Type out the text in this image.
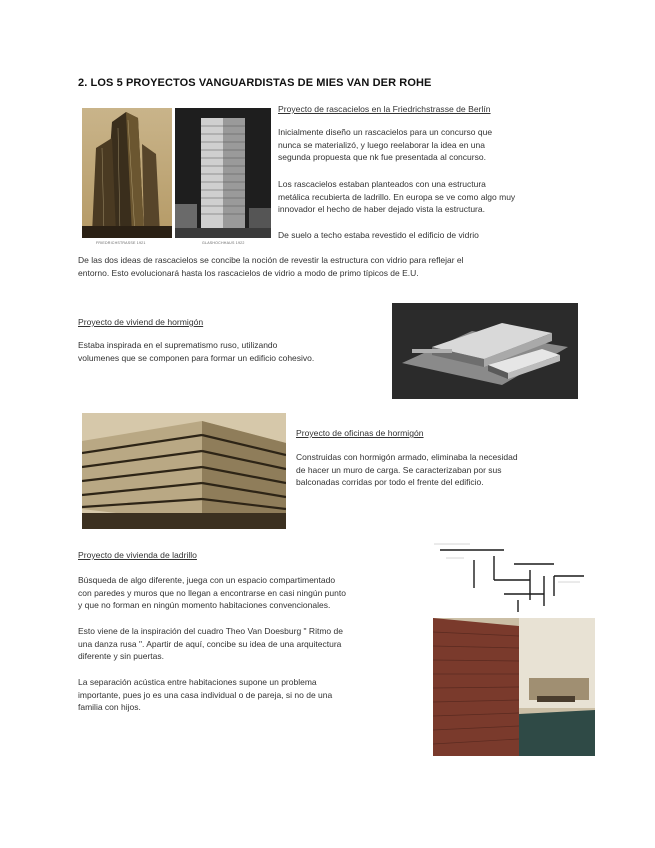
2. LOS 5 PROYECTOS VANGUARDISTAS DE MIES VAN DER ROHE
FRIEDRICHSTRASSE 1921	GLASHOCHHAUS 1922
Proyecto de rascacielos en la Friedrichstrasse de Berlín
Inicialmente diseño un rascacielos para un concurso que
nunca se materializó, y luego reelaborar la idea en una
segunda propuesta que nk fue presentada al concurso.
Los rascacielos estaban planteados con una estructura
metálica recubierta de ladrillo. En europa se ve como algo muy
innovador el hecho de haber dejado vista la estructura.
De suelo a techo estaba revestido el edificio de vidrio
De las dos ideas de rascacielos se concibe la noción de revestir la estructura con vidrio para reflejar el
entorno. Esto evolucionará hasta los rascacielos de vidrio a modo de primo típicos de E.U.
Proyecto de viviend de hormigón
Estaba inspirada en el suprematismo ruso, utilizando
volumenes que se componen para formar un edificio cohesivo.
Proyecto de oficinas de hormigón
Construidas con hormigón armado, eliminaba la necesidad
de hacer un muro de carga. Se caracterizaban por sus
balconadas corridas por todo el frente del edificio.
Proyecto de vivienda de ladrillo
Búsqueda de algo diferente, juega con un espacio compartimentado
con paredes y muros que no llegan a encontrarse en casi ningún punto
y que no forman en ningún momento habitaciones convencionales.
Esto viene de la inspiración del cuadro Theo Van Doesburg " Ritmo de
una danza rusa ". Apartir de aquí, concibe su idea de una arquitectura
diferente y sin puertas.
La separación acústica entre habitaciones supone un problema
importante, pues jo es una casa individual o de pareja, si no de una
familia con hijos.
